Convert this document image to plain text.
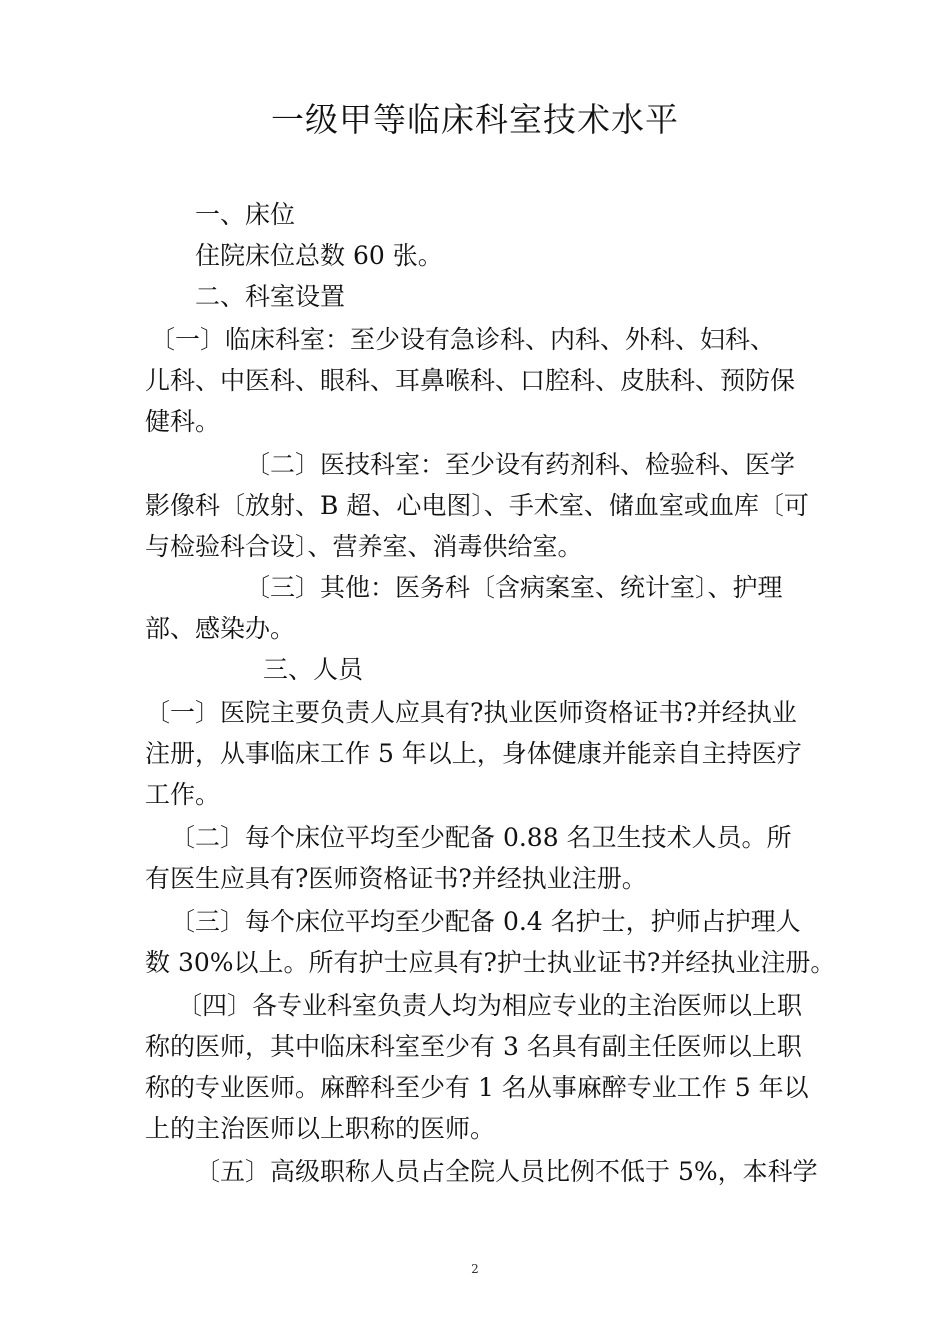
一级甲等临床科室技术水平
一、床位
住院床位总数 60 张。
二、科室设置
〔一〕临床科室：至少设有急诊科、内科、外科、妇科、
儿科、中医科、眼科、耳鼻喉科、口腔科、皮肤科、预防保
健科。
〔二〕医技科室：至少设有药剂科、检验科、医学
影像科〔放射、B 超、心电图〕、手术室、储血室或血库〔可
与检验科合设〕、营养室、消毒供给室。
〔三〕其他：医务科〔含病案室、统计室〕、护理
部、感染办。
三、人员
〔一〕医院主要负责人应具有?执业医师资格证书?并经执业
注册，从事临床工作 5 年以上，身体健康并能亲自主持医疗
工作。
〔二〕每个床位平均至少配备 0.88 名卫生技术人员。所
有医生应具有?医师资格证书?并经执业注册。
〔三〕每个床位平均至少配备 0.4 名护士，护师占护理人
数 30%以上。所有护士应具有?护士执业证书?并经执业注册。
〔四〕各专业科室负责人均为相应专业的主治医师以上职
称的医师，其中临床科室至少有 3 名具有副主任医师以上职
称的专业医师。麻醉科至少有 1 名从事麻醉专业工作 5 年以
上的主治医师以上职称的医师。
〔五〕高级职称人员占全院人员比例不低于 5%，本科学
2
